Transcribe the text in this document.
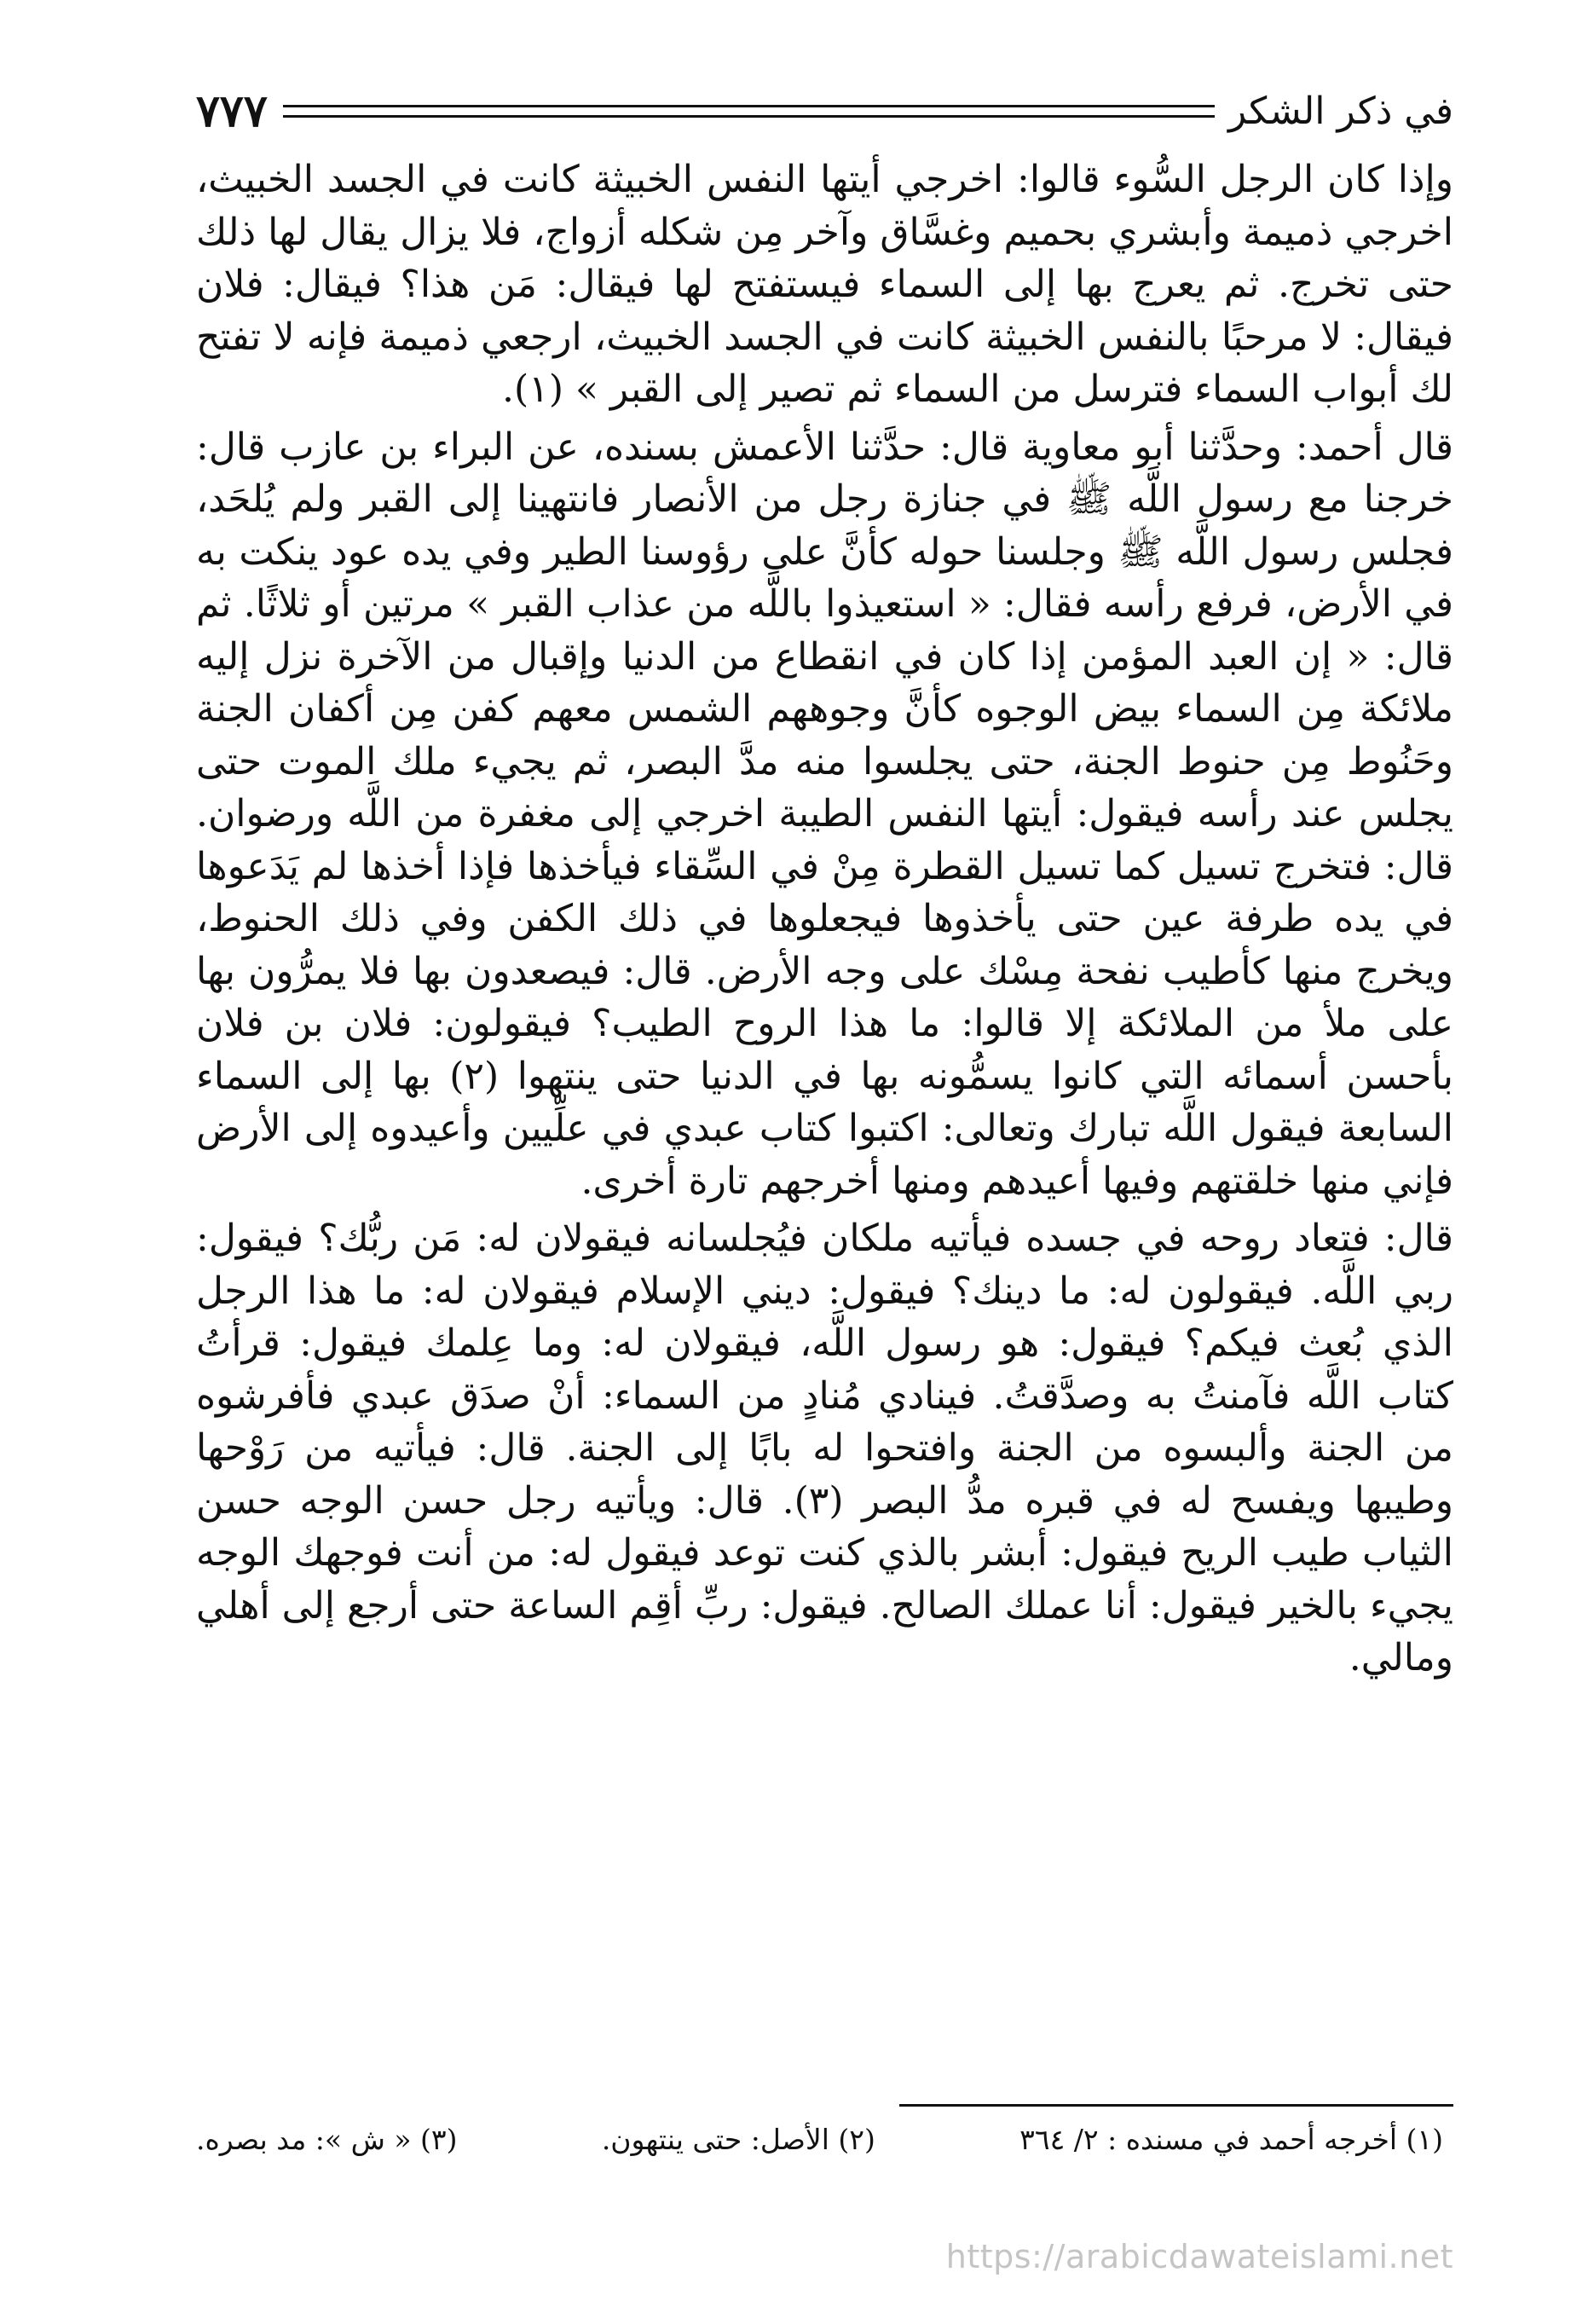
في ذكر الشكر
٧٧٧

وإذا كان الرجل السُّوء قالوا: اخرجي أيتها النفس الخبيثة كانت في الجسد الخبيث، اخرجي ذميمة وأبشري بحميم وغسَّاق وآخر مِن شكله أزواج، فلا يزال يقال لها ذلك حتى تخرج. ثم يعرج بها إلى السماء فيستفتح لها فيقال: مَن هذا؟ فيقال: فلان فيقال: لا مرحبًا بالنفس الخبيثة كانت في الجسد الخبيث، ارجعي ذميمة فإنه لا تفتح لك أبواب السماء فترسل من السماء ثم تصير إلى القبر » (١).

قال أحمد: وحدَّثنا أبو معاوية قال: حدَّثنا الأعمش بسنده، عن البراء بن عازب قال: خرجنا مع رسول اللَّه ﷺ في جنازة رجل من الأنصار فانتهينا إلى القبر ولم يُلحَد، فجلس رسول اللَّه ﷺ وجلسنا حوله كأنَّ على رؤوسنا الطير وفي يده عود ينكت به في الأرض، فرفع رأسه فقال: « استعيذوا باللَّه من عذاب القبر » مرتين أو ثلاثًا. ثم قال: « إن العبد المؤمن إذا كان في انقطاع من الدنيا وإقبال من الآخرة نزل إليه ملائكة مِن السماء بيض الوجوه كأنَّ وجوههم الشمس معهم كفن مِن أكفان الجنة وحَنُوط مِن حنوط الجنة، حتى يجلسوا منه مدَّ البصر، ثم يجيء ملك الموت حتى يجلس عند رأسه فيقول: أيتها النفس الطيبة اخرجي إلى مغفرة من اللَّه ورضوان. قال: فتخرج تسيل كما تسيل القطرة مِنْ في السِّقاء فيأخذها فإذا أخذها لم يَدَعوها في يده طرفة عين حتى يأخذوها فيجعلوها في ذلك الكفن وفي ذلك الحنوط، ويخرج منها كأطيب نفحة مِسْك على وجه الأرض. قال: فيصعدون بها فلا يمرُّون بها على ملأ من الملائكة إلا قالوا: ما هذا الروح الطيب؟ فيقولون: فلان بن فلان بأحسن أسمائه التي كانوا يسمُّونه بها في الدنيا حتى ينتهوا (٢) بها إلى السماء السابعة فيقول اللَّه تبارك وتعالى: اكتبوا كتاب عبدي في علِّيين وأعيدوه إلى الأرض فإني منها خلقتهم وفيها أعيدهم ومنها أخرجهم تارة أخرى.

قال: فتعاد روحه في جسده فيأتيه ملكان فيُجلسانه فيقولان له: مَن ربُّك؟ فيقول: ربي اللَّه. فيقولون له: ما دينك؟ فيقول: ديني الإسلام فيقولان له: ما هذا الرجل الذي بُعث فيكم؟ فيقول: هو رسول اللَّه، فيقولان له: وما عِلمك فيقول: قرأتُ كتاب اللَّه فآمنتُ به وصدَّقتُ. فينادي مُنادٍ من السماء: أنْ صدَق عبدي فأفرشوه من الجنة وألبسوه من الجنة وافتحوا له بابًا إلى الجنة. قال: فيأتيه من رَوْحها وطيبها ويفسح له في قبره مدُّ البصر (٣). قال: ويأتيه رجل حسن الوجه حسن الثياب طيب الريح فيقول: أبشر بالذي كنت توعد فيقول له: من أنت فوجهك الوجه يجيء بالخير فيقول: أنا عملك الصالح. فيقول: ربِّ أقِم الساعة حتى أرجع إلى أهلي ومالي.

(١) أخرجه أحمد في مسنده : ٢/ ٣٦٤
(٢) الأصل: حتى ينتهون.
(٣) « ش »: مد بصره.
https://arabicdawateislami.net
